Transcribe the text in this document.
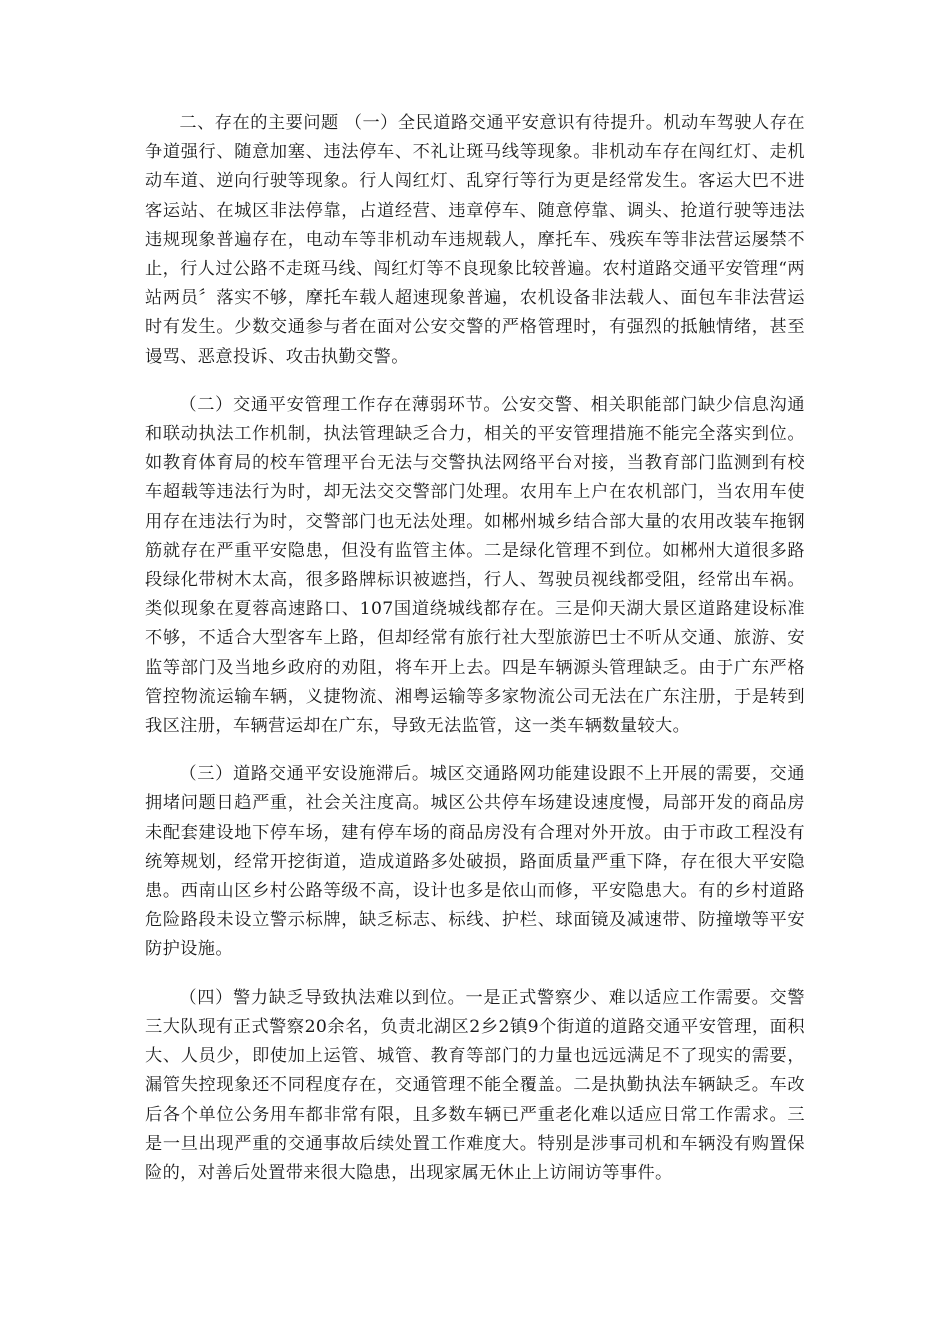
二、存在的主要问题 （一）全民道路交通平安意识有待提升。机动车驾驶人存在争道强行、随意加塞、违法停车、不礼让斑马线等现象。非机动车存在闯红灯、走机动车道、逆向行驶等现象。行人闯红灯、乱穿行等行为更是经常发生。客运大巴不进客运站、在城区非法停靠，占道经营、违章停车、随意停靠、调头、抢道行驶等违法违规现象普遍存在，电动车等非机动车违规载人，摩托车、残疾车等非法营运屡禁不止，行人过公路不走斑马线、闯红灯等不良现象比较普遍。农村道路交通平安管理“两站两员〞落实不够，摩托车载人超速现象普遍，农机设备非法载人、面包车非法营运时有发生。少数交通参与者在面对公安交警的严格管理时，有强烈的抵触情绪，甚至谩骂、恶意投诉、攻击执勤交警。

（二）交通平安管理工作存在薄弱环节。公安交警、相关职能部门缺少信息沟通和联动执法工作机制，执法管理缺乏合力，相关的平安管理措施不能完全落实到位。如教育体育局的校车管理平台无法与交警执法网络平台对接，当教育部门监测到有校车超载等违法行为时，却无法交交警部门处理。农用车上户在农机部门，当农用车使用存在违法行为时，交警部门也无法处理。如郴州城乡结合部大量的农用改装车拖钢筋就存在严重平安隐患，但没有监管主体。二是绿化管理不到位。如郴州大道很多路段绿化带树木太高，很多路牌标识被遮挡，行人、驾驶员视线都受阻，经常出车祸。类似现象在夏蓉高速路口、107国道绕城线都存在。三是仰天湖大景区道路建设标准不够，不适合大型客车上路，但却经常有旅行社大型旅游巴士不听从交通、旅游、安监等部门及当地乡政府的劝阻，将车开上去。四是车辆源头管理缺乏。由于广东严格管控物流运输车辆，义捷物流、湘粤运输等多家物流公司无法在广东注册，于是转到我区注册，车辆营运却在广东，导致无法监管，这一类车辆数量较大。

（三）道路交通平安设施滞后。城区交通路网功能建设跟不上开展的需要，交通拥堵问题日趋严重，社会关注度高。城区公共停车场建设速度慢，局部开发的商品房未配套建设地下停车场，建有停车场的商品房没有合理对外开放。由于市政工程没有统筹规划，经常开挖街道，造成道路多处破损，路面质量严重下降，存在很大平安隐患。西南山区乡村公路等级不高，设计也多是依山而修，平安隐患大。有的乡村道路危险路段未设立警示标牌，缺乏标志、标线、护栏、球面镜及减速带、防撞墩等平安防护设施。

（四）警力缺乏导致执法难以到位。一是正式警察少、难以适应工作需要。交警三大队现有正式警察20余名，负责北湖区2乡2镇9个街道的道路交通平安管理，面积大、人员少，即使加上运管、城管、教育等部门的力量也远远满足不了现实的需要，漏管失控现象还不同程度存在，交通管理不能全覆盖。二是执勤执法车辆缺乏。车改后各个单位公务用车都非常有限，且多数车辆已严重老化难以适应日常工作需求。三是一旦出现严重的交通事故后续处置工作难度大。特别是涉事司机和车辆没有购置保险的，对善后处置带来很大隐患，出现家属无休止上访闹访等事件。
